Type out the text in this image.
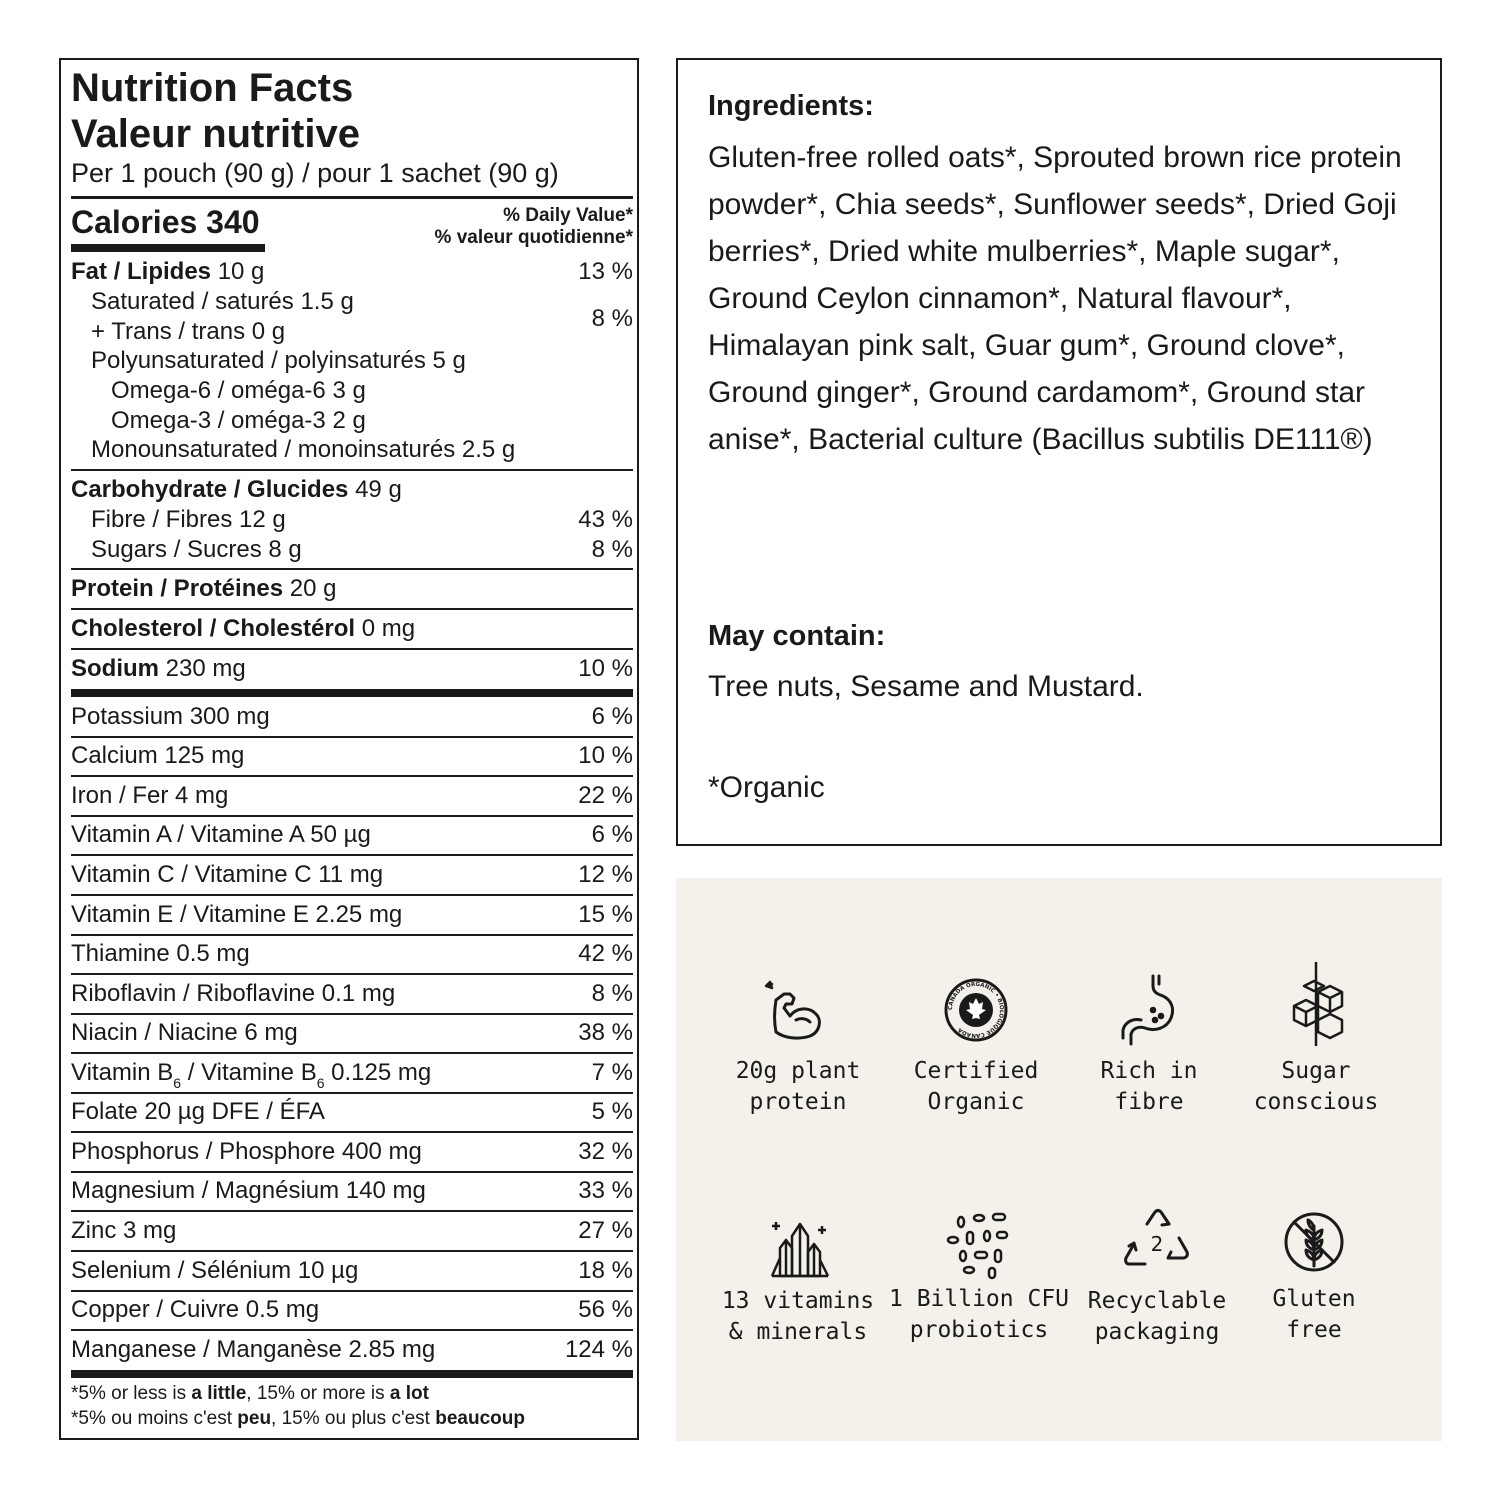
Nutrition Facts
Valeur nutritive
Per 1 pouch (90 g) / pour 1 sachet (90 g)
Calories 340	% Daily Value*
% valeur quotidienne*
Fat / Lipides 10 g	13 %
Saturated / saturés 1.5 g
+ Trans / trans 0 g	8 %
Polyunsaturated / polyinsaturés 5 g
Omega-6 / oméga-6 3 g
Omega-3 / oméga-3 2 g
Monounsaturated / monoinsaturés 2.5 g
Carbohydrate / Glucides 49 g
Fibre / Fibres 12 g	43 %
Sugars / Sucres 8 g	8 %
Protein / Protéines 20 g
Cholesterol / Cholestérol 0 mg
Sodium 230 mg	10 %
Potassium 300 mg	6 %
Calcium 125 mg	10 %
Iron / Fer 4 mg	22 %
Vitamin A / Vitamine A 50 µg	6 %
Vitamin C / Vitamine C 11 mg	12 %
Vitamin E / Vitamine E 2.25 mg	15 %
Thiamine 0.5 mg	42 %
Riboflavin / Riboflavine 0.1 mg	8 %
Niacin / Niacine 6 mg	38 %
Vitamin $B_6$ / Vitamine $B_6$ 0.125 mg	7 %
Folate 20 µg DFE / ÉFA	5 %
Phosphorus / Phosphore 400 mg	32 %
Magnesium / Magnésium 140 mg	33 %
Zinc 3 mg	27 %
Selenium / Sélénium 10 µg	18 %
Copper / Cuivre 0.5 mg	56 %
Manganese / Manganèse 2.85 mg	124 %
*5% or less is a little, 15% or more is a lot
*5% ou moins c'est peu, 15% ou plus c'est beaucoup
Ingredients:
Gluten-free rolled oats*, Sprouted brown rice protein powder*, Chia seeds*, Sunflower seeds*, Dried Goji berries*, Dried white mulberries*, Maple sugar*, Ground Ceylon cinnamon*, Natural flavour*, Himalayan pink salt, Guar gum*, Ground clove*, Ground ginger*, Ground cardamom*, Ground star anise*, Bacterial culture (Bacillus subtilis DE111®)
May contain:
Tree nuts, Sesame and Mustard.
*Organic
20g plant
protein
CANADA ORGANIC • BIOLOGIQUE CANADA
Certified
Organic
Rich in
fibre
Sugar
conscious
13 vitamins
& minerals
1 Billion CFU
probiotics
2
Recyclable
packaging
Gluten
free
